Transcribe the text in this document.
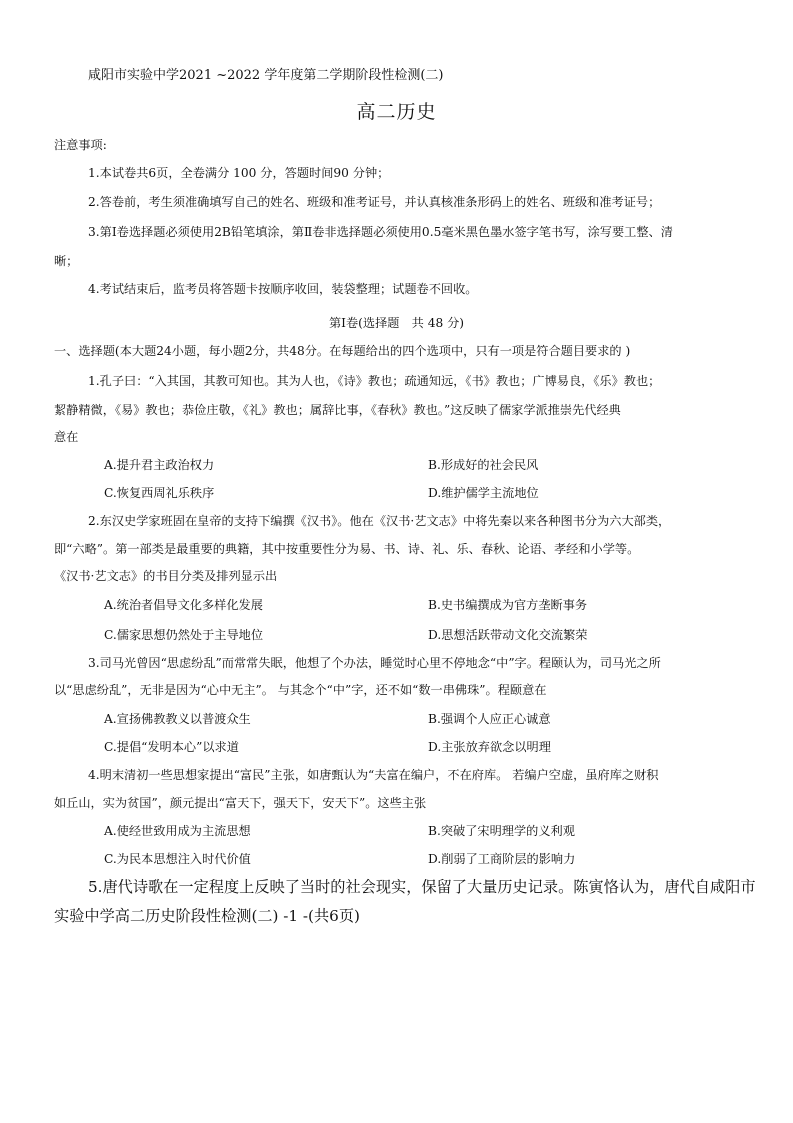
咸阳市实验中学2021 ~2022 学年度第二学期阶段性检测(二)
高二历史
注意事项:
1.本试卷共6页，全卷满分 100 分，答题时间90 分钟；
2.答卷前，考生须准确填写自己的姓名、班级和准考证号，并认真核准条形码上的姓名、班级和准考证号；
3.第Ⅰ卷选择题必须使用2B铅笔填涂，第Ⅱ卷非选择题必须使用0.5毫米黑色墨水签字笔书写，涂写要工整、清
晰；
4.考试结束后，监考员将答题卡按顺序收回，装袋整理；试题卷不回收。
第Ⅰ卷(选择题　共 48 分)
一、选择题(本大题24小题，每小题2分，共48分。在每题给出的四个选项中，只有一项是符合题目要求的 )
1.孔子曰：“入其国，其教可知也。其为人也，《诗》教也；疏通知远，《书》教也；广博易良，《乐》教也；
絜静精微，《易》教也；恭俭庄敬，《礼》教也；属辞比事，《春秋》教也。”这反映了儒家学派推崇先代经典
意在
A.提升君主政治权力	B.形成好的社会民风
C.恢复西周礼乐秩序	D.维护儒学主流地位
2.东汉史学家班固在皇帝的支持下编撰《汉书》。他在《汉书·艺文志》中将先秦以来各种图书分为六大部类，
即“六略”。第一部类是最重要的典籍，其中按重要性分为易、书、诗、礼、乐、春秋、论语、孝经和小学等。
《汉书·艺文志》的书目分类及排列显示出
A.统治者倡导文化多样化发展	B.史书编撰成为官方垄断事务
C.儒家思想仍然处于主导地位	D.思想活跃带动文化交流繁荣
3.司马光曾因“思虑纷乱”而常常失眠，他想了个办法，睡觉时心里不停地念“中”字。程颐认为，司马光之所
以“思虑纷乱”，无非是因为“心中无主”。 与其念个“中”字，还不如“数一串佛珠”。程颐意在
A.宣扬佛教教义以普渡众生	B.强调个人应正心诚意
C.提倡“发明本心”以求道	D.主张放弃欲念以明理
4.明末清初一些思想家提出“富民”主张，如唐甄认为“夫富在编户，不在府库。 若编户空虚，虽府库之财积
如丘山，实为贫国”，颜元提出“富天下，强天下，安天下”。这些主张
A.使经世致用成为主流思想	B.突破了宋明理学的义利观
C.为民本思想注入时代价值	D.削弱了工商阶层的影响力
5.唐代诗歌在一定程度上反映了当时的社会现实，保留了大量历史记录。陈寅恪认为，唐代自咸阳市
实验中学高二历史阶段性检测(二) -1 -(共6页)
